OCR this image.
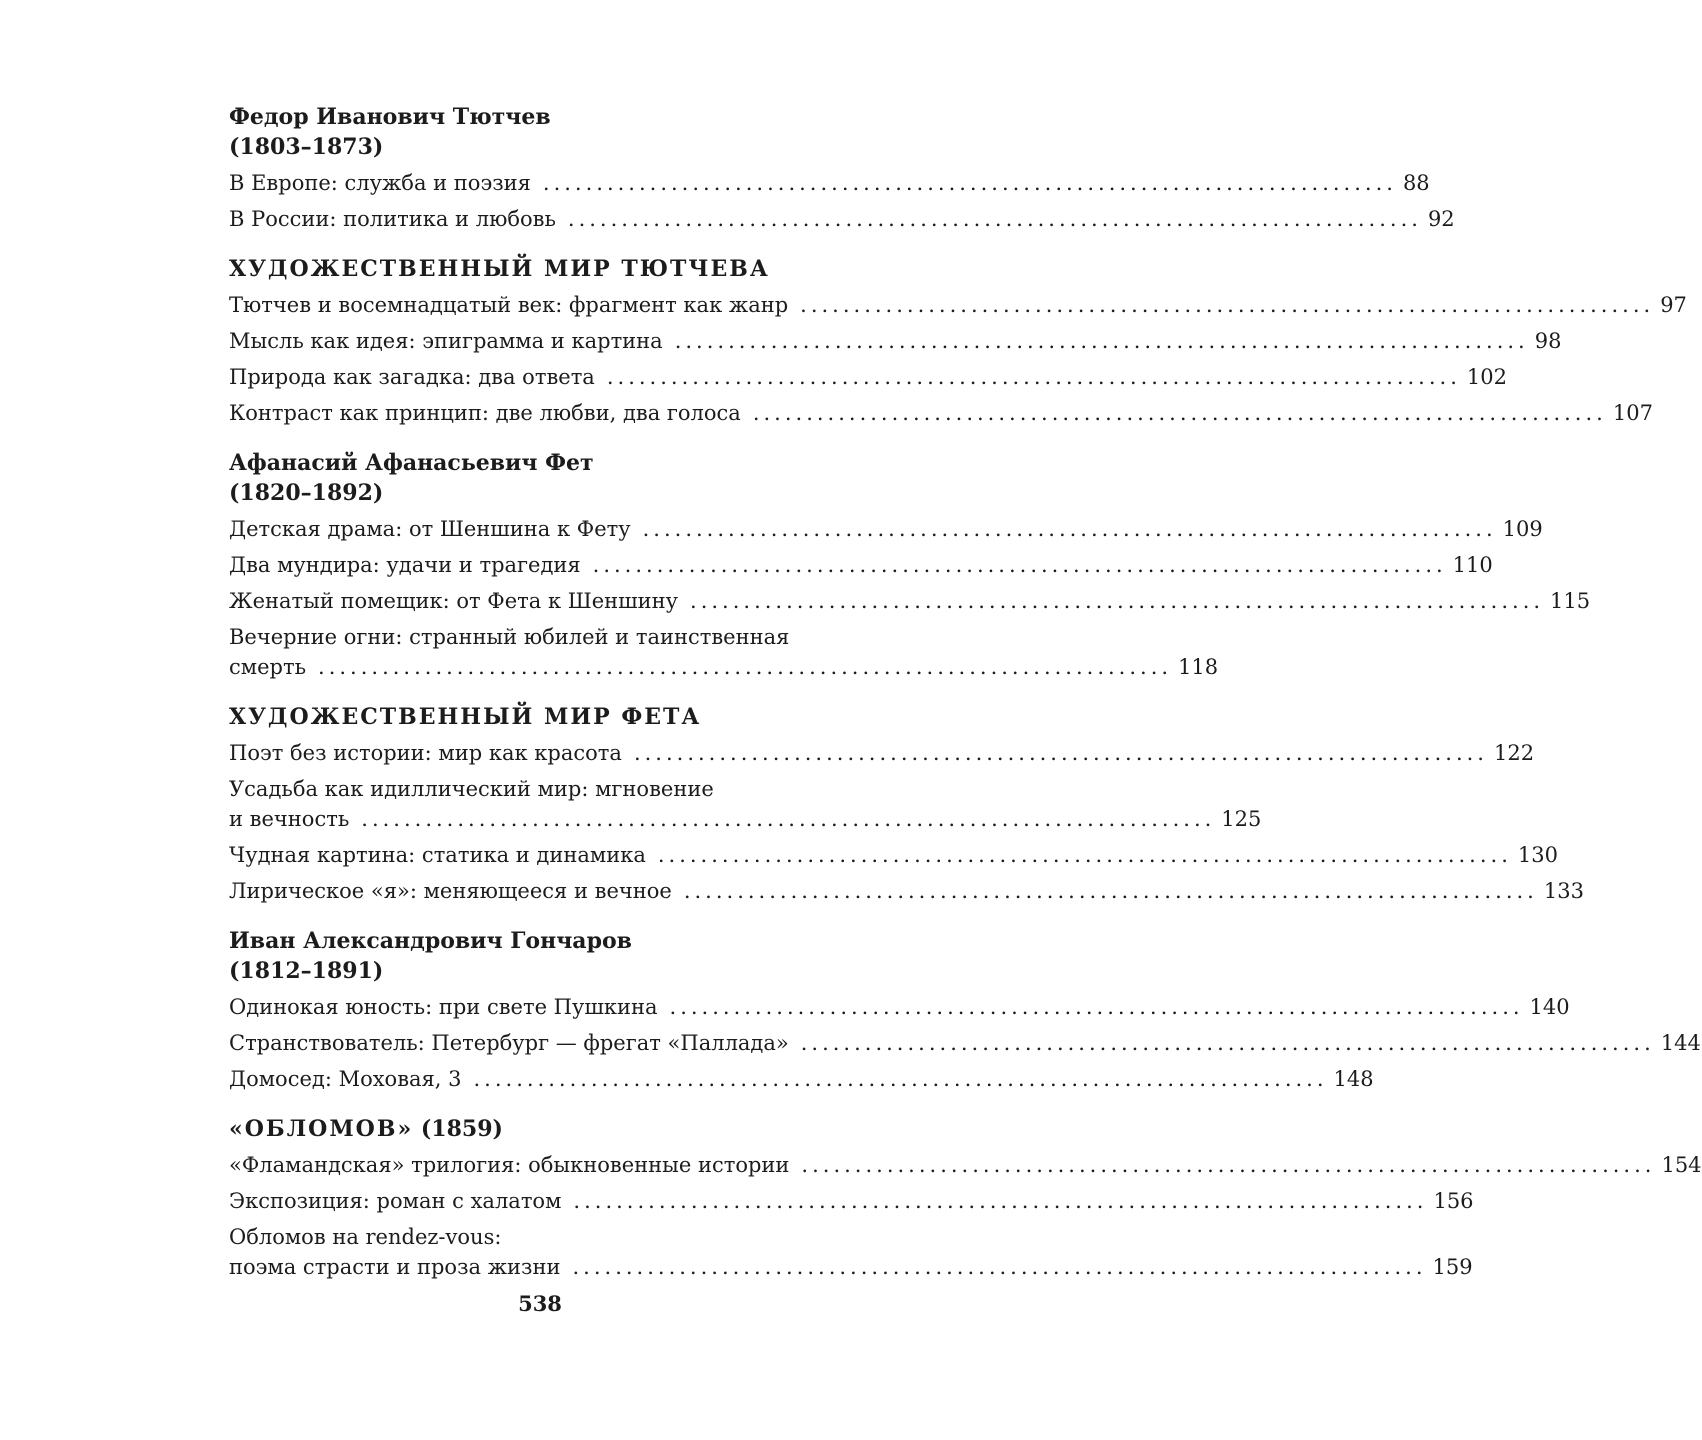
Федор Иванович Тютчев
(1803–1873)
В Европе: служба и поэзия ................................................................................ 88
В России: политика и любовь ................................................................................ 92
ХУДОЖЕСТВЕННЫЙ МИР ТЮТЧЕВА
Тютчев и восемнадцатый век: фрагмент как жанр ................................................................................ 97
Мысль как идея: эпиграмма и картина ................................................................................ 98
Природа как загадка: два ответа ................................................................................ 102
Контраст как принцип: две любви, два голоса ................................................................................ 107
Афанасий Афанасьевич Фет
(1820–1892)
Детская драма: от Шеншина к Фету ................................................................................ 109
Два мундира: удачи и трагедия ................................................................................ 110
Женатый помещик: от Фета к Шеншину ................................................................................ 115
Вечерние огни: странный юбилей и таинственная
смерть ................................................................................ 118
ХУДОЖЕСТВЕННЫЙ МИР ФЕТА
Поэт без истории: мир как красота ................................................................................ 122
Усадьба как идиллический мир: мгновение
и вечность ................................................................................ 125
Чудная картина: статика и динамика ................................................................................ 130
Лирическое «я»: меняющееся и вечное ................................................................................ 133
Иван Александрович Гончаров
(1812–1891)
Одинокая юность: при свете Пушкина ................................................................................ 140
Странствователь: Петербург — фрегат «Паллада» ................................................................................ 144
Домосед: Моховая, 3 ................................................................................ 148
«ОБЛОМОВ» (1859)
«Фламандская» трилогия: обыкновенные истории ................................................................................ 154
Экспозиция: роман с халатом ................................................................................ 156
Обломов на rendez-vous:
поэма страсти и проза жизни ................................................................................ 159
538
